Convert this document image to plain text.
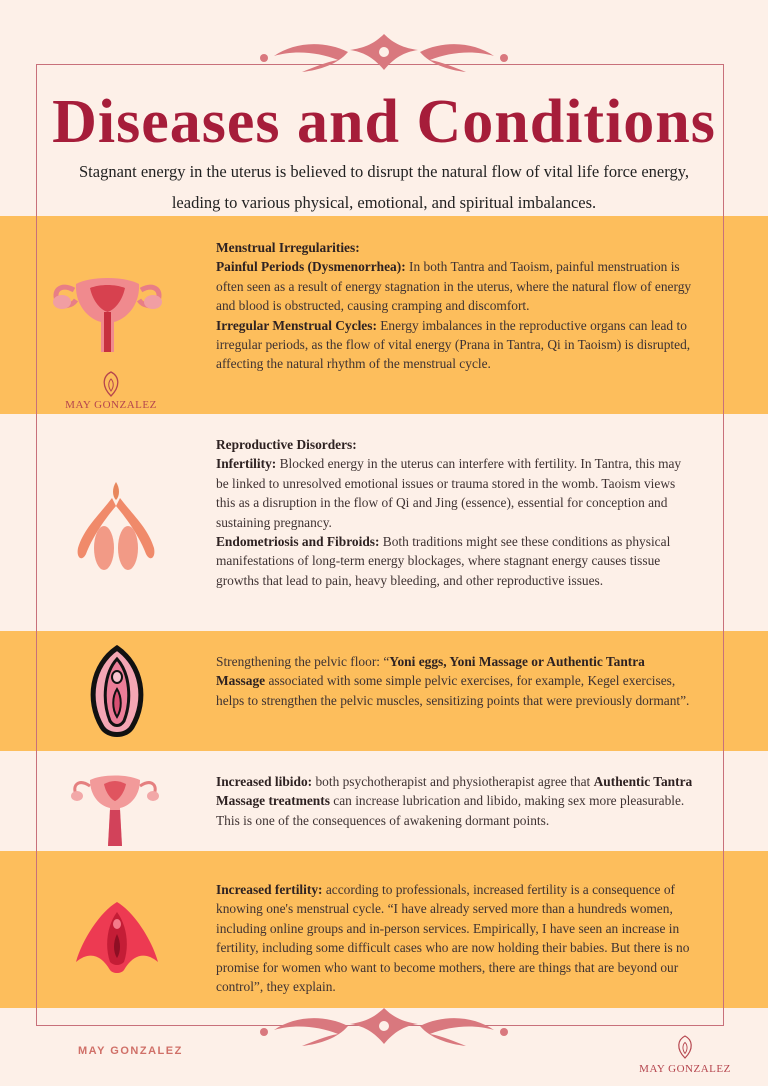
Diseases and Conditions
Stagnant energy in the uterus is believed to disrupt the natural flow of vital life force energy,
leading to various physical, emotional, and spiritual imbalances.
MAY GONZALEZ
Menstrual Irregularities:
Painful Periods (Dysmenorrhea): In both Tantra and Taoism, painful menstruation is often seen as a result of energy stagnation in the uterus, where the natural flow of energy and blood is obstructed, causing cramping and discomfort.
Irregular Menstrual Cycles: Energy imbalances in the reproductive organs can lead to irregular periods, as the flow of vital energy (Prana in Tantra, Qi in Taoism) is disrupted, affecting the natural rhythm of the menstrual cycle.
Reproductive Disorders:
Infertility: Blocked energy in the uterus can interfere with fertility. In Tantra, this may be linked to unresolved emotional issues or trauma stored in the womb. Taoism views this as a disruption in the flow of Qi and Jing (essence), essential for conception and sustaining pregnancy.
Endometriosis and Fibroids: Both traditions might see these conditions as physical manifestations of long-term energy blockages, where stagnant energy causes tissue growths that lead to pain, heavy bleeding, and other reproductive issues.
Strengthening the pelvic floor: “Yoni eggs, Yoni Massage or Authentic Tantra Massage associated with some simple pelvic exercises, for example, Kegel exercises, helps to strengthen the pelvic muscles, sensitizing points that were previously dormant”.
Increased libido: both psychotherapist and physiotherapist agree that Authentic Tantra Massage treatments can increase lubrication and libido, making sex more pleasurable. This is one of the consequences of awakening dormant points.
Increased fertility: according to professionals, increased fertility is a consequence of knowing one's menstrual cycle. “I have already served more than a hundreds women, including online groups and in-person services. Empirically, I have seen an increase in fertility, including some difficult cases who are now holding their babies. But there is no promise for women who want to become mothers, there are things that are beyond our control”, they explain.
MAY GONZALEZ
MAY GONZALEZ
